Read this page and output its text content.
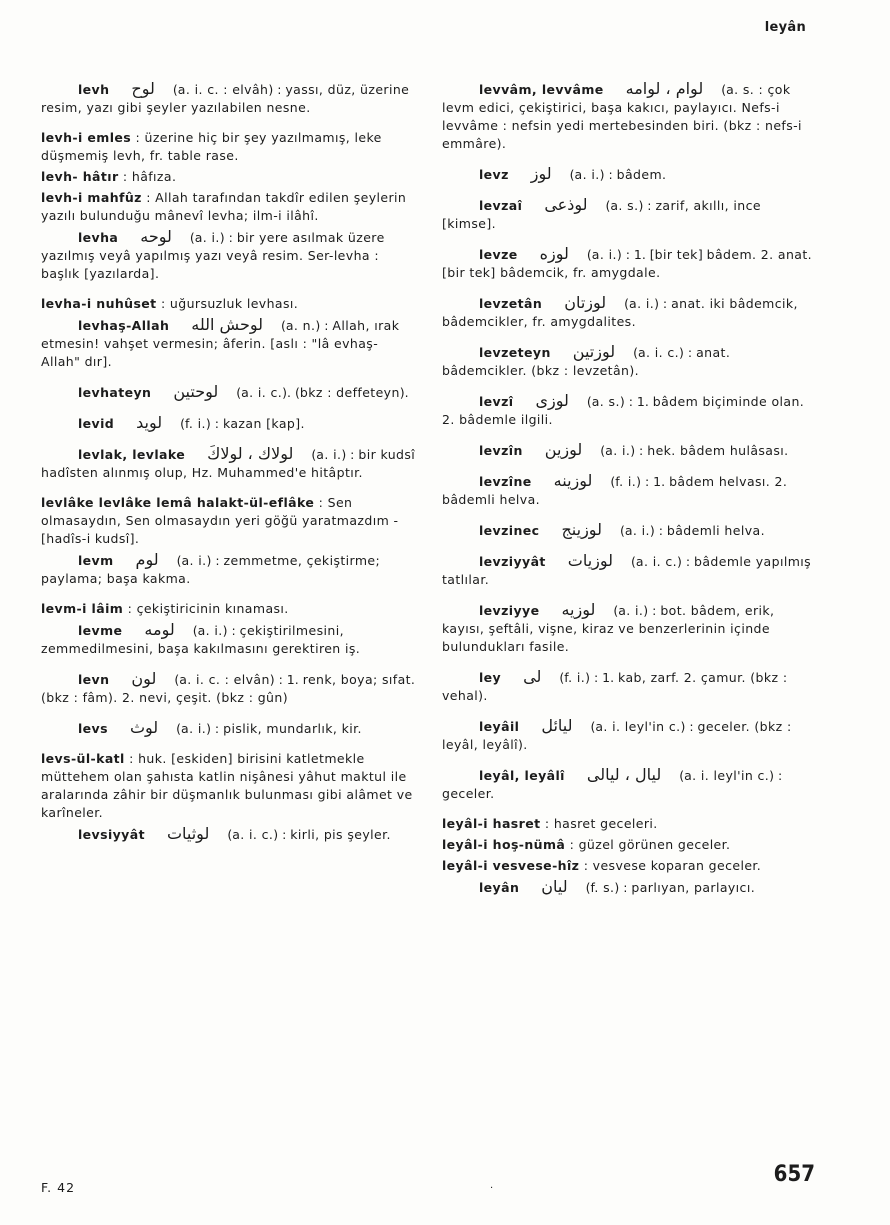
leyân
levh لوح (a. i. c. : elvâh) : yassı, düz, üzerine resim, yazı gibi şeyler yazılabilen nesne.
levh-i emles : üzerine hiç bir şey yazılmamış, leke düşmemiş levh, fr. table rase.
levh- hâtır : hâfıza.
levh-i mahfûz : Allah tarafından takdîr edilen şeylerin yazılı bulunduğu mânevî levha; ilm-i ilâhî.
levha لوحه (a. i.) : bir yere asılmak üzere yazılmış veyâ yapılmış yazı veyâ resim. Ser-levha : başlık [yazılarda].
levha-i nuhûset : uğursuzluk levhası.
levhaş-Allah لوحش الله (a. n.) : Allah, ırak etmesin! vahşet vermesin; âferin. [aslı : "lâ evhaş-Allah" dır].
levhateyn لوحتين (a. i. c.). (bkz : deffeteyn).
levid لويد (f. i.) : kazan [kap].
levlak, levlake لولاك ، لولاكَ (a. i.) : bir kudsî hadîsten alınmış olup, Hz. Muhammed'e hitâptır.
levlâke levlâke lemâ halakt-ül-eflâke : Sen olmasaydın, Sen olmasaydın yeri göğü yaratmazdım - [hadîs-i kudsî].
levm لوم (a. i.) : zemmetme, çekiştirme; paylama; başa kakma.
levm-i lâim : çekiştiricinin kınaması.
levme لومه (a. i.) : çekiştirilmesini, zemmedilmesini, başa kakılmasını gerektiren iş.
levn لون (a. i. c. : elvân) : 1. renk, boya; sıfat. (bkz : fâm). 2. nevi, çeşit. (bkz : gûn)
levs لوث (a. i.) : pislik, mundarlık, kir.
levs-ül-katl : huk. [eskiden] birisini katletmekle müttehem olan şahısta katlin nişânesi yâhut maktul ile aralarında zâhir bir düşmanlık bulunması gibi alâmet ve karîneler.
levsiyyât لوثيات (a. i. c.) : kirli, pis şeyler.
levvâm, levvâme لوام ، لوامه (a. s. : çok levm edici, çekiştirici, başa kakıcı, paylayıcı. Nefs-i levvâme : nefsin yedi mertebesinden biri. (bkz : nefs-i emmâre).
levz لوز (a. i.) : bâdem.
levzaî لوذعى (a. s.) : zarif, akıllı, ince [kimse].
levze لوزه (a. i.) : 1. [bir tek] bâdem. 2. anat. [bir tek] bâdemcik, fr. amygdale.
levzetân لوزتان (a. i.) : anat. iki bâdemcik, bâdemcikler, fr. amygdalites.
levzeteyn لوزتين (a. i. c.) : anat. bâdemcikler. (bkz : levzetân).
levzî لوزى (a. s.) : 1. bâdem biçiminde olan. 2. bâdemle ilgili.
levzîn لوزين (a. i.) : hek. bâdem hulâsası.
levzîne لوزينه (f. i.) : 1. bâdem helvası. 2. bâdemli helva.
levzinec لوزينج (a. i.) : bâdemli helva.
levziyyât لوزيات (a. i. c.) : bâdemle yapılmış tatlılar.
levziyye لوزيه (a. i.) : bot. bâdem, erik, kayısı, şeftâli, vişne, kiraz ve benzerlerinin içinde bulundukları fasile.
ley لى (f. i.) : 1. kab, zarf. 2. çamur. (bkz : vehal).
leyâil ليائل (a. i. leyl'in c.) : geceler. (bkz : leyâl, leyâlî).
leyâl, leyâlî ليال ، ليالى (a. i. leyl'in c.) : geceler.
leyâl-i hasret : hasret geceleri.
leyâl-i hoş-nümâ : güzel görünen geceler.
leyâl-i vesvese-hîz : vesvese koparan geceler.
leyân ليان (f. s.) : parlıyan, parlayıcı.
F. 42	·
657
